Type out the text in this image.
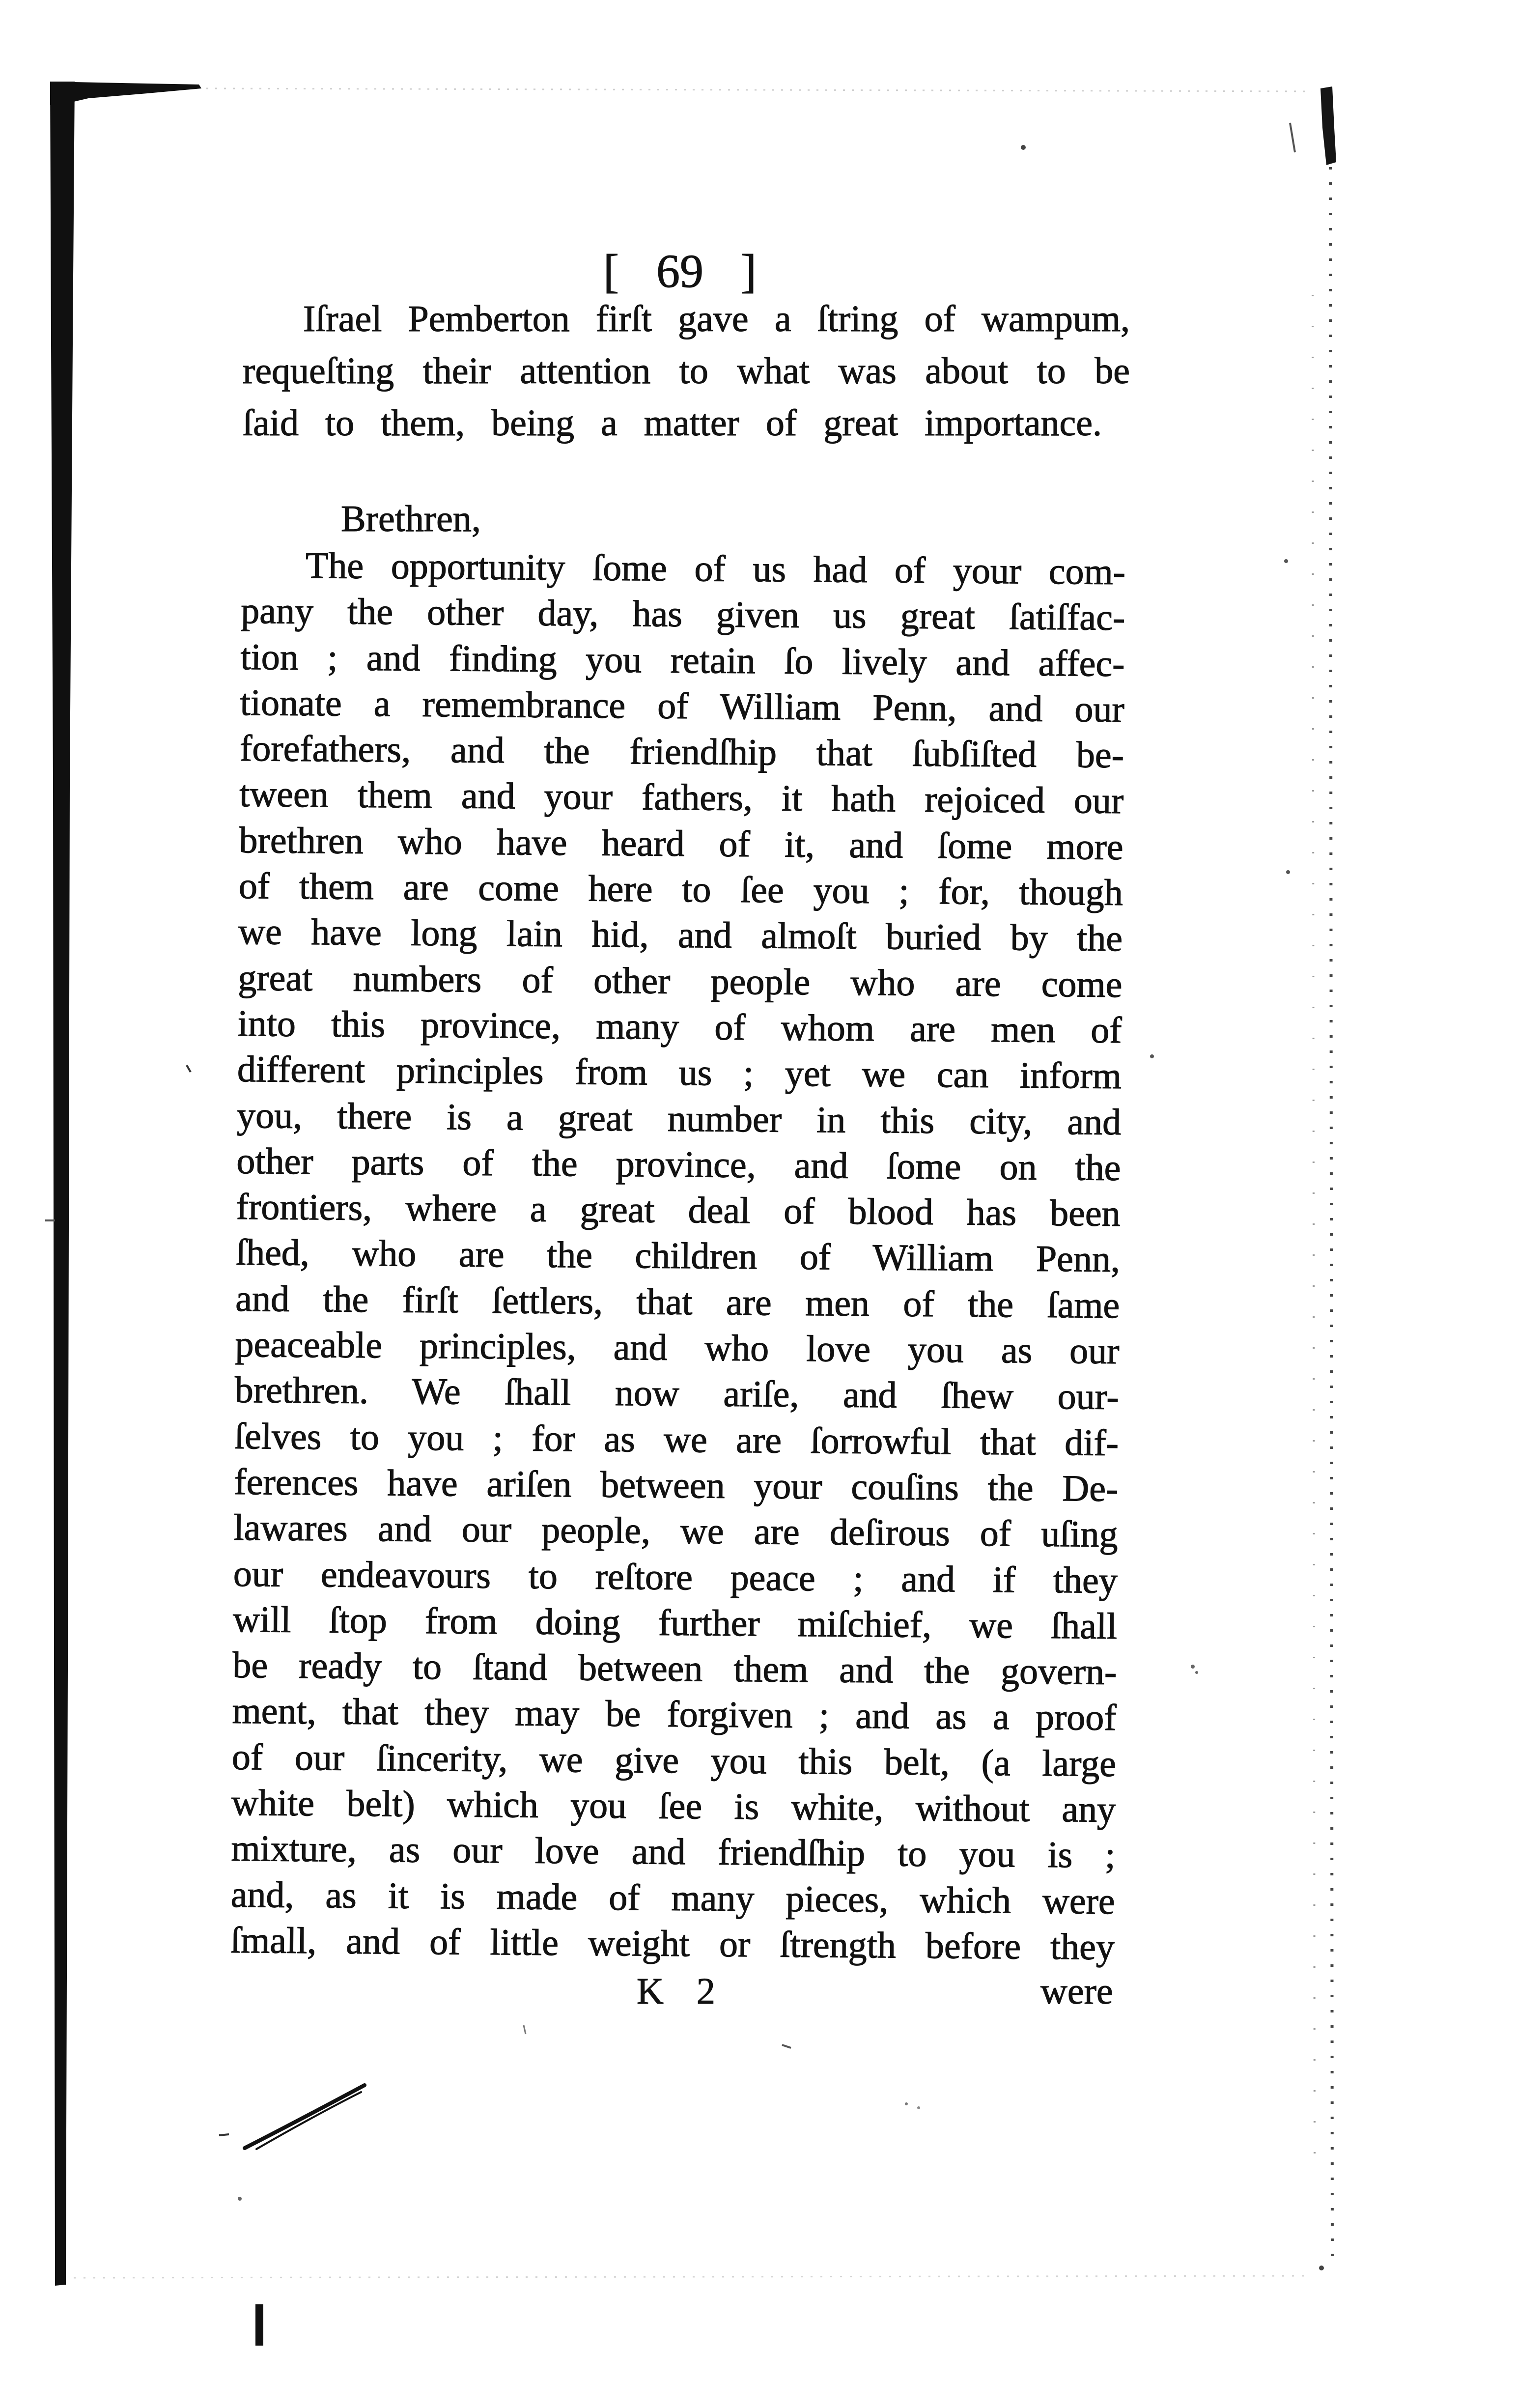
[ 69 ]
Iſrael Pemberton firſt gave a ſtring of wampum,
requeſting their attention to what was about to be
ſaid to them, being a matter of great importance.
Brethren,
The opportunity ſome of us had of your com-
pany the other day, has given us great ſatiſfac-
tion ; and finding you retain ſo lively and affec-
tionate a remembrance of William Penn, and our
forefathers, and the friendſhip that ſubſiſted be-
tween them and your fathers, it hath rejoiced our
brethren who have heard of it, and ſome more
of them are come here to ſee you ; for, though
we have long lain hid, and almoſt buried by the
great numbers of other people who are come
into this province, many of whom are men of
different principles from us ; yet we can inform
you, there is a great number in this city, and
other parts of the province, and ſome on the
frontiers, where a great deal of blood has been
ſhed, who are the children of William Penn,
and the firſt ſettlers, that are men of the ſame
peaceable principles, and who love you as our
brethren. We ſhall now ariſe, and ſhew our-
ſelves to you ; for as we are ſorrowful that dif-
ferences have ariſen between your couſins the De-
lawares and our people, we are deſirous of uſing
our endeavours to reſtore peace ; and if they
will ſtop from doing further miſchief, we ſhall
be ready to ſtand between them and the govern-
ment, that they may be forgiven ; and as a proof
of our ſincerity, we give you this belt, (a large
white belt) which you ſee is white, without any
mixture, as our love and friendſhip to you is ;
and, as it is made of many pieces, which were
ſmall, and of little weight or ſtrength before they
K 2	were
